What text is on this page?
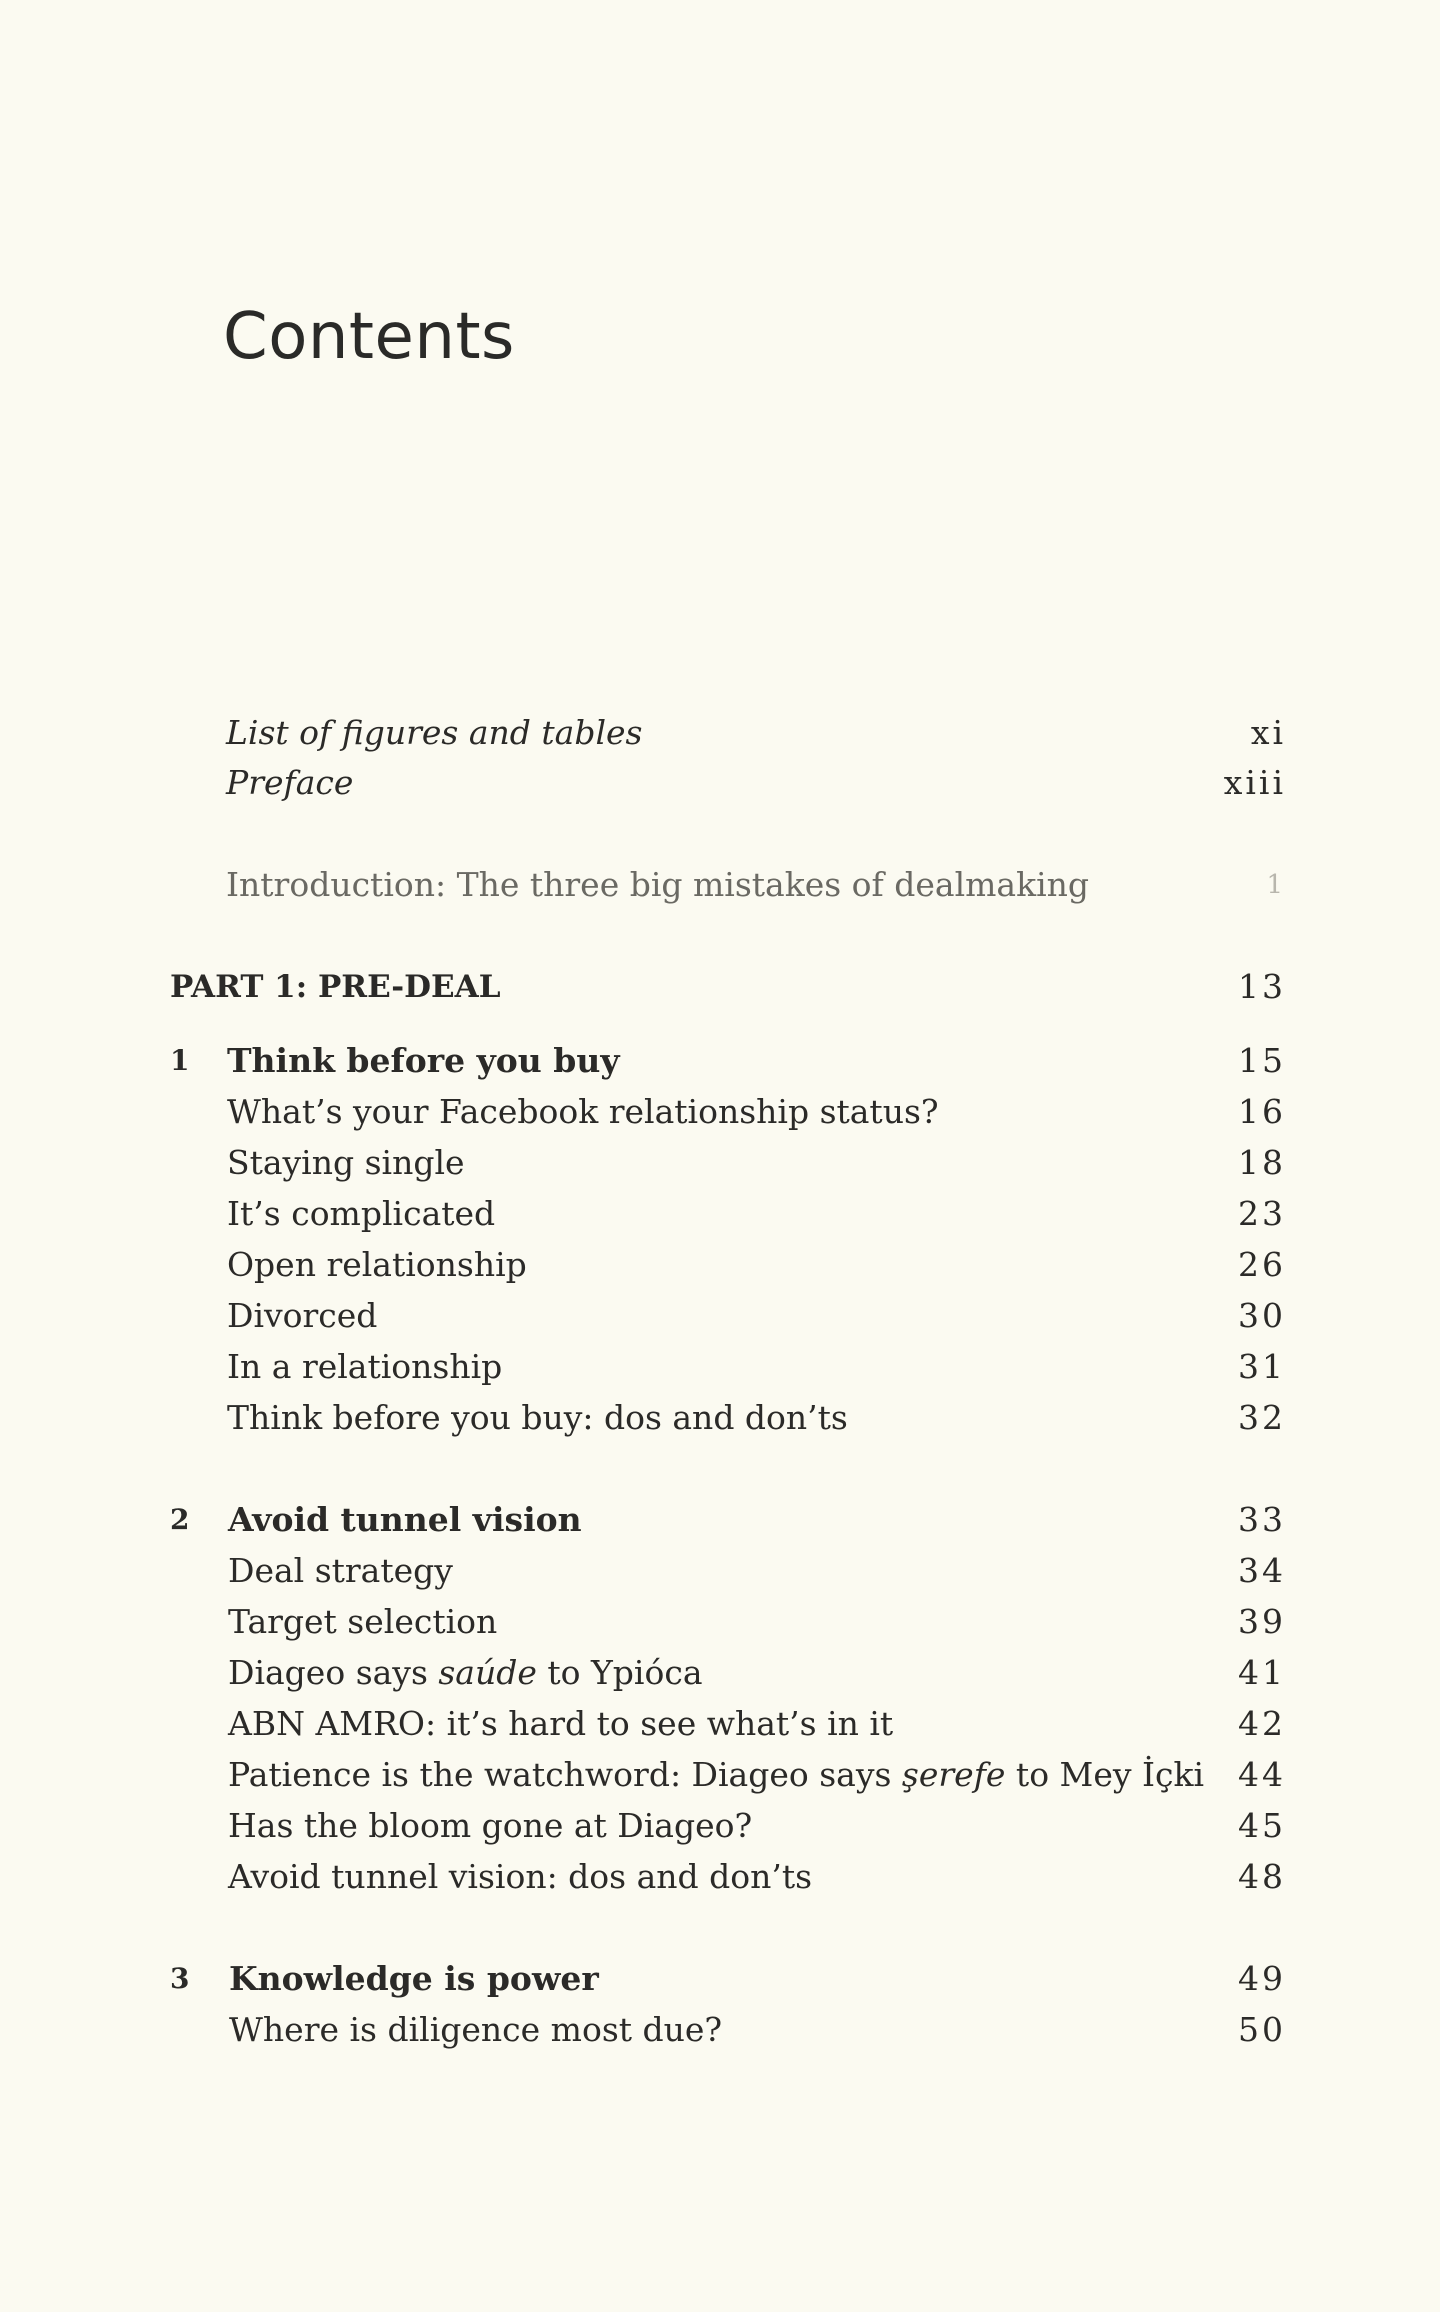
Contents
List of figures and tables	xi
Preface	xiii
Introduction: The three big mistakes of dealmaking	1
PART 1: PRE-DEAL	13
1	Think before you buy	15
What’s your Facebook relationship status?	16
Staying single	18
It’s complicated	23
Open relationship	26
Divorced	30
In a relationship	31
Think before you buy: dos and don’ts	32
2	Avoid tunnel vision	33
Deal strategy	34
Target selection	39
Diageo says saúde to Ypióca	41
ABN AMRO: it’s hard to see what’s in it	42
Patience is the watchword: Diageo says şerefe to Mey İçki 44
Has the bloom gone at Diageo?	45
Avoid tunnel vision: dos and don’ts	48
3	Knowledge is power	49
Where is diligence most due?	50
